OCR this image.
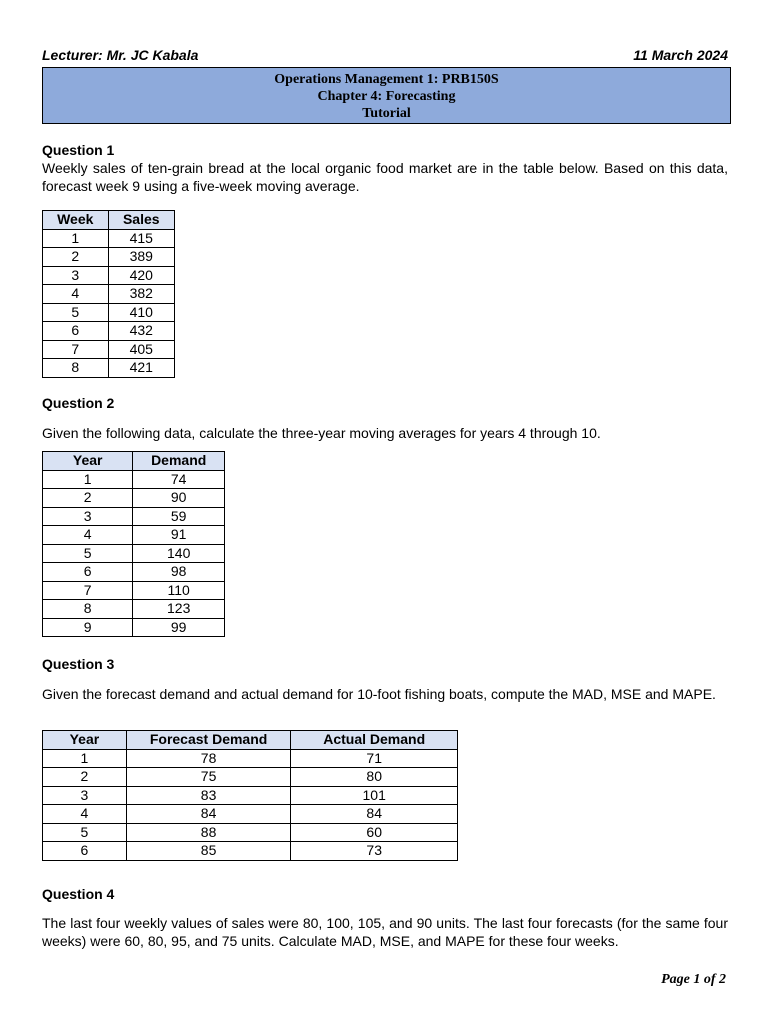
Lecturer: Mr. JC Kabala	11 March 2024
Operations Management 1: PRB150S
Chapter 4: Forecasting
Tutorial
Question 1
Weekly sales of ten-grain bread at the local organic food market are in the table below. Based on this data, forecast week 9 using a five-week moving average.
Week	Sales
1	415
2	389
3	420
4	382
5	410
6	432
7	405
8	421
Question 2
Given the following data, calculate the three-year moving averages for years 4 through 10.
Year	Demand
1	74
2	90
3	59
4	91
5	140
6	98
7	110
8	123
9	99
Question 3
Given the forecast demand and actual demand for 10-foot fishing boats, compute the MAD, MSE and MAPE.
Year	Forecast Demand	Actual Demand
1	78	71
2	75	80
3	83	101
4	84	84
5	88	60
6	85	73
Question 4
The last four weekly values of sales were 80, 100, 105, and 90 units. The last four forecasts (for the same four weeks) were 60, 80, 95, and 75 units. Calculate MAD, MSE, and MAPE for these four weeks.
Page 1 of 2
